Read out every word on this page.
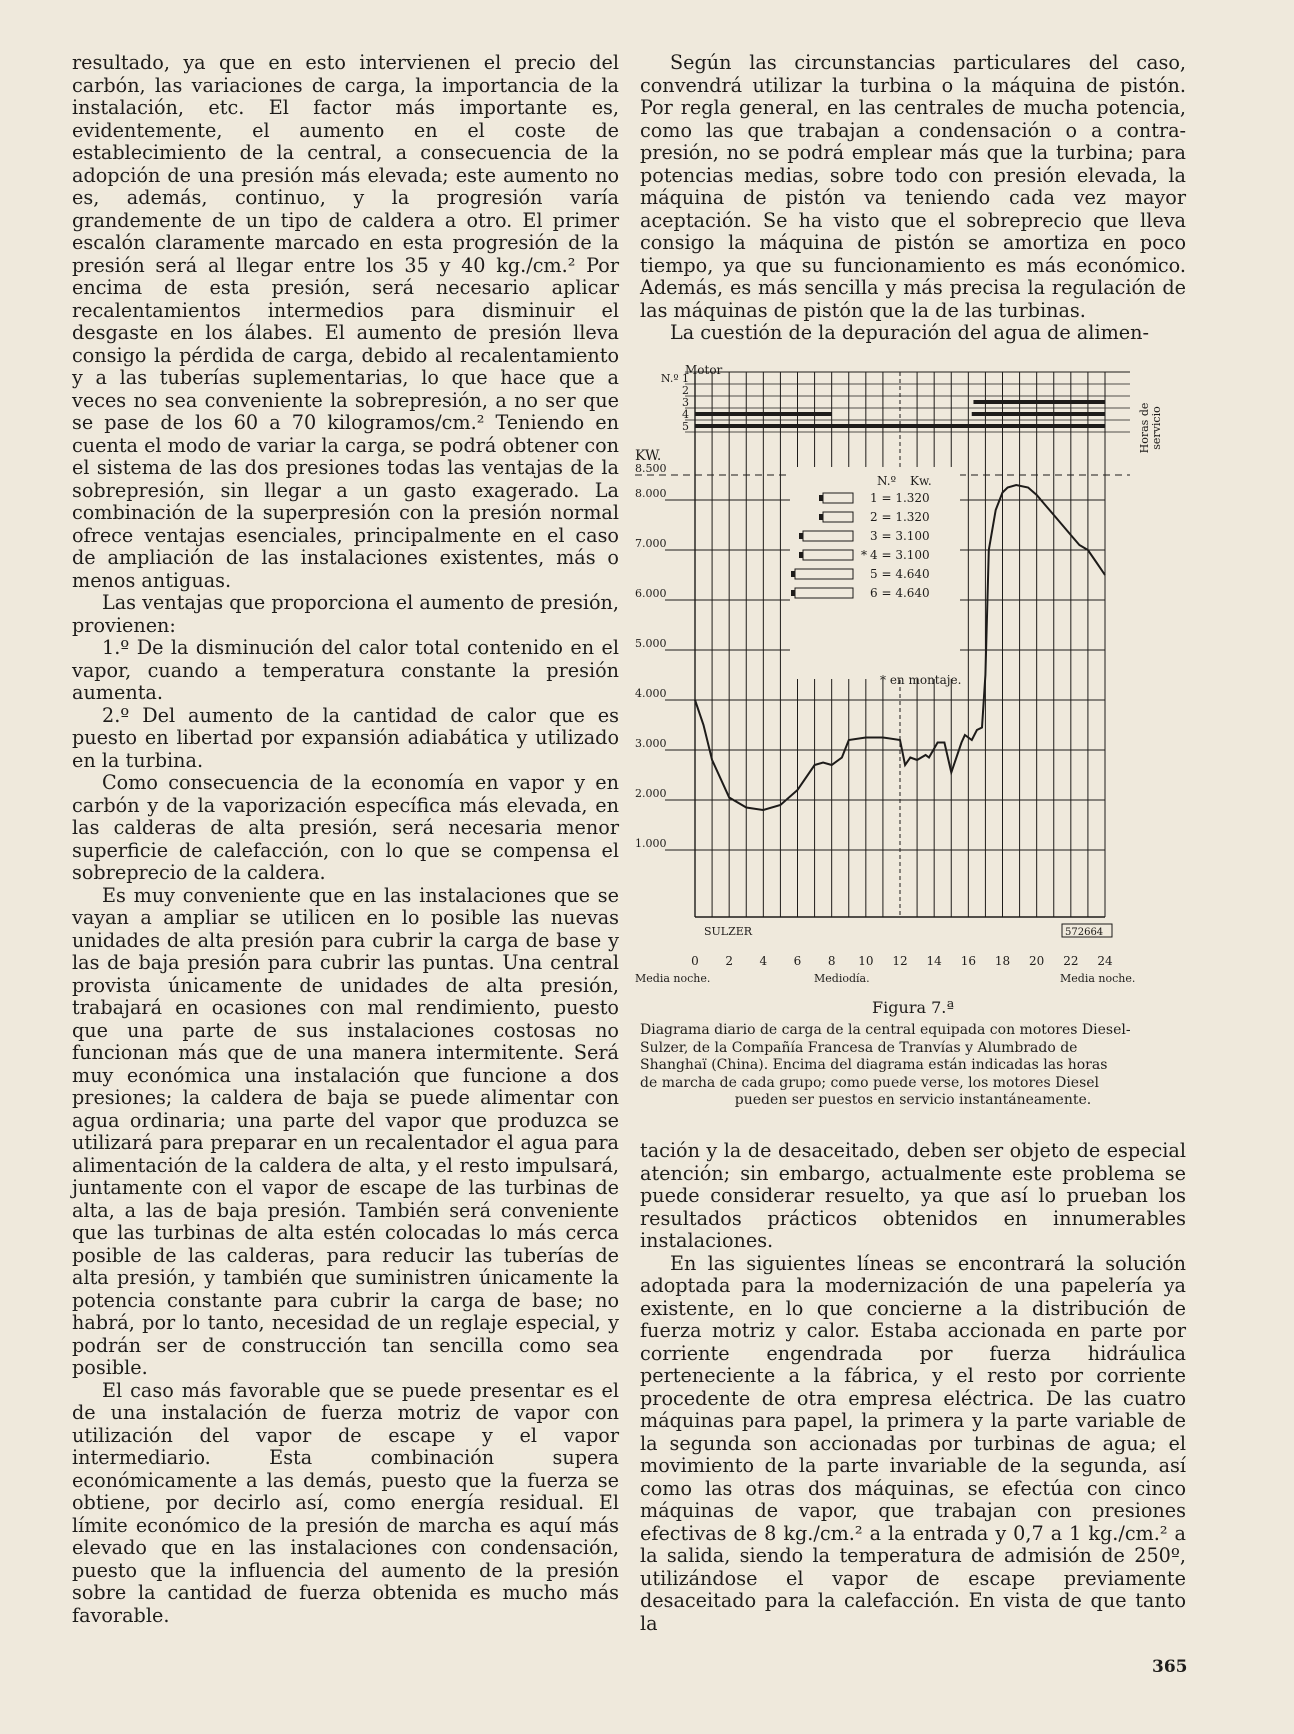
resultado, ya que en esto intervienen el precio del carbón, las variaciones de carga, la importancia de la instalación, etc. El factor más importante es, evidentemente, el aumento en el coste de establecimiento de la central, a consecuencia de la adopción de una presión más elevada; este aumento no es, además, continuo, y la progresión varía grandemente de un tipo de caldera a otro. El primer escalón claramente marcado en esta progresión de la presión será al llegar entre los 35 y 40 kg./cm.² Por encima de esta presión, será necesario aplicar recalentamientos intermedios para disminuir el desgaste en los álabes. El aumento de presión lleva consigo la pérdida de carga, debido al recalentamiento y a las tuberías suplementarias, lo que hace que a veces no sea conveniente la sobrepresión, a no ser que se pase de los 60 a 70 kilogramos/cm.² Teniendo en cuenta el modo de variar la carga, se podrá obtener con el sistema de las dos presiones todas las ventajas de la sobrepresión, sin llegar a un gasto exagerado. La combinación de la superpresión con la presión normal ofrece ventajas esenciales, principalmente en el caso de ampliación de las instalaciones existentes, más o menos antiguas.

Las ventajas que proporciona el aumento de presión, provienen:

1.º De la disminución del calor total contenido en el vapor, cuando a temperatura constante la presión aumenta.

2.º Del aumento de la cantidad de calor que es puesto en libertad por expansión adiabática y utilizado en la turbina.

Como consecuencia de la economía en vapor y en carbón y de la vaporización específica más elevada, en las calderas de alta presión, será necesaria menor superficie de calefacción, con lo que se compensa el sobreprecio de la caldera.

Es muy conveniente que en las instalaciones que se vayan a ampliar se utilicen en lo posible las nuevas unidades de alta presión para cubrir la carga de base y las de baja presión para cubrir las puntas. Una central provista únicamente de unidades de alta presión, trabajará en ocasiones con mal rendimiento, puesto que una parte de sus instalaciones costosas no funcionan más que de una manera intermitente. Será muy económica una instalación que funcione a dos presiones; la caldera de baja se puede alimentar con agua ordinaria; una parte del vapor que produzca se utilizará para preparar en un recalentador el agua para alimentación de la caldera de alta, y el resto impulsará, juntamente con el vapor de escape de las turbinas de alta, a las de baja presión. También será conveniente que las turbinas de alta estén colocadas lo más cerca posible de las calderas, para reducir las tuberías de alta presión, y también que suministren únicamente la potencia constante para cubrir la carga de base; no habrá, por lo tanto, necesidad de un reglaje especial, y podrán ser de construcción tan sencilla como sea posible.

El caso más favorable que se puede presentar es el de una instalación de fuerza motriz de vapor con utilización del vapor de escape y el vapor intermediario. Esta combinación supera económicamente a las demás, puesto que la fuerza se obtiene, por decirlo así, como energía residual. El límite económico de la presión de marcha es aquí más elevado que en las instalaciones con condensación, puesto que la influencia del aumento de la presión sobre la cantidad de fuerza obtenida es mucho más favorable.

Según las circunstancias particulares del caso, convendrá utilizar la turbina o la máquina de pistón. Por regla general, en las centrales de mucha potencia, como las que trabajan a condensación o a contra-presión, no se podrá emplear más que la turbina; para potencias medias, sobre todo con presión elevada, la máquina de pistón va teniendo cada vez mayor aceptación. Se ha visto que el sobreprecio que lleva consigo la máquina de pistón se amortiza en poco tiempo, ya que su funcionamiento es más económico. Además, es más sencilla y más precisa la regulación de las máquinas de pistón que la de las turbinas.

La cuestión de la depuración del agua de alimen-

Motor
KW.
Horas de servicio
N.º 1
2
3
4
5
1.000
2.000
3.000
4.000
5.000
6.000
7.000
8.000
8.500
0 2 4 6 8 10 12 14 16 18 20 22 24
N.º Kw.
1 = 1.320
2 = 1.320
3 = 3.100
* 4 = 3.100
5 = 4.640
6 = 4.640
* en montaje.
SULZER	572664
Media noche.	Mediodía.	Media noche.
Figura 7.ª
Diagrama diario de carga de la central equipada con motores Diesel-
Sulzer, de la Compañía Francesa de Tranvías y Alumbrado de
Shanghaï (China). Encima del diagrama están indicadas las horas
de marcha de cada grupo; como puede verse, los motores Diesel
pueden ser puestos en servicio instantáneamente.

tación y la de desaceitado, deben ser objeto de especial atención; sin embargo, actualmente este problema se puede considerar resuelto, ya que así lo prueban los resultados prácticos obtenidos en innumerables instalaciones.

En las siguientes líneas se encontrará la solución adoptada para la modernización de una papelería ya existente, en lo que concierne a la distribución de fuerza motriz y calor. Estaba accionada en parte por corriente engendrada por fuerza hidráulica perteneciente a la fábrica, y el resto por corriente procedente de otra empresa eléctrica. De las cuatro máquinas para papel, la primera y la parte variable de la segunda son accionadas por turbinas de agua; el movimiento de la parte invariable de la segunda, así como las otras dos máquinas, se efectúa con cinco máquinas de vapor, que trabajan con presiones efectivas de 8 kg./cm.² a la entrada y 0,7 a 1 kg./cm.² a la salida, siendo la temperatura de admisión de 250º, utilizándose el vapor de escape previamente desaceitado para la calefacción. En vista de que tanto la

365
